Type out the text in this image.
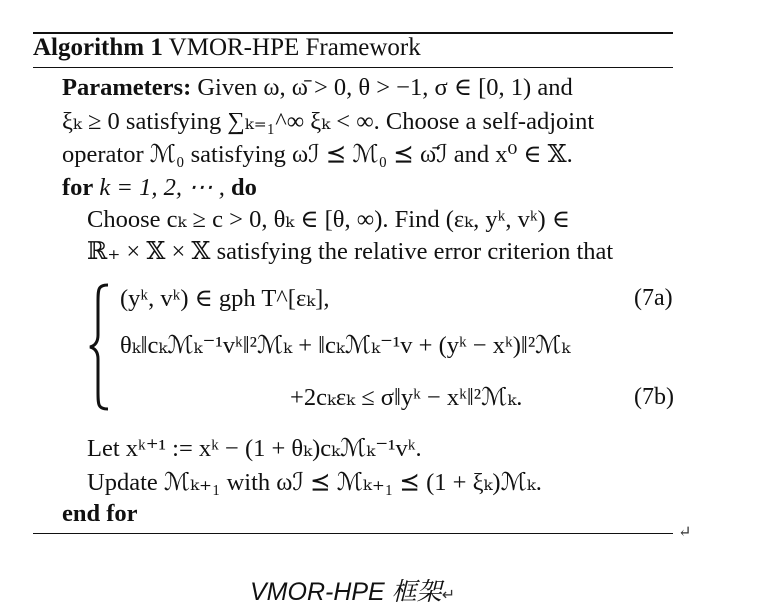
Algorithm 1 VMOR-HPE Framework
Parameters: Given ω, ω̄ > 0, θ > −1, σ ∈ [0, 1) and
ξₖ ≥ 0 satisfying ∑ₖ₌₁^∞ ξₖ < ∞. Choose a self-adjoint
operator ℳ₀ satisfying ωℐ ⪯ ℳ₀ ⪯ ω̄ℐ and x⁰ ∈ 𝕏.
for k = 1, 2, ⋯ , do
Choose cₖ ≥ c > 0, θₖ ∈ [θ, ∞). Find (εₖ, yᵏ, vᵏ) ∈
ℝ₊ × 𝕏 × 𝕏 satisfying the relative error criterion that
(yᵏ, vᵏ) ∈ gph T^[εₖ],	(7a)
θₖ‖cₖℳₖ⁻¹vᵏ‖²ℳₖ + ‖cₖℳₖ⁻¹v + (yᵏ − xᵏ)‖²ℳₖ
+2cₖεₖ ≤ σ‖yᵏ − xᵏ‖²ℳₖ.	(7b)
Let xᵏ⁺¹ := xᵏ − (1 + θₖ)cₖℳₖ⁻¹vᵏ.
Update ℳₖ₊₁ with ωℐ ⪯ ℳₖ₊₁ ⪯ (1 + ξₖ)ℳₖ.
end for
↵
VMOR-HPE 框架↵
